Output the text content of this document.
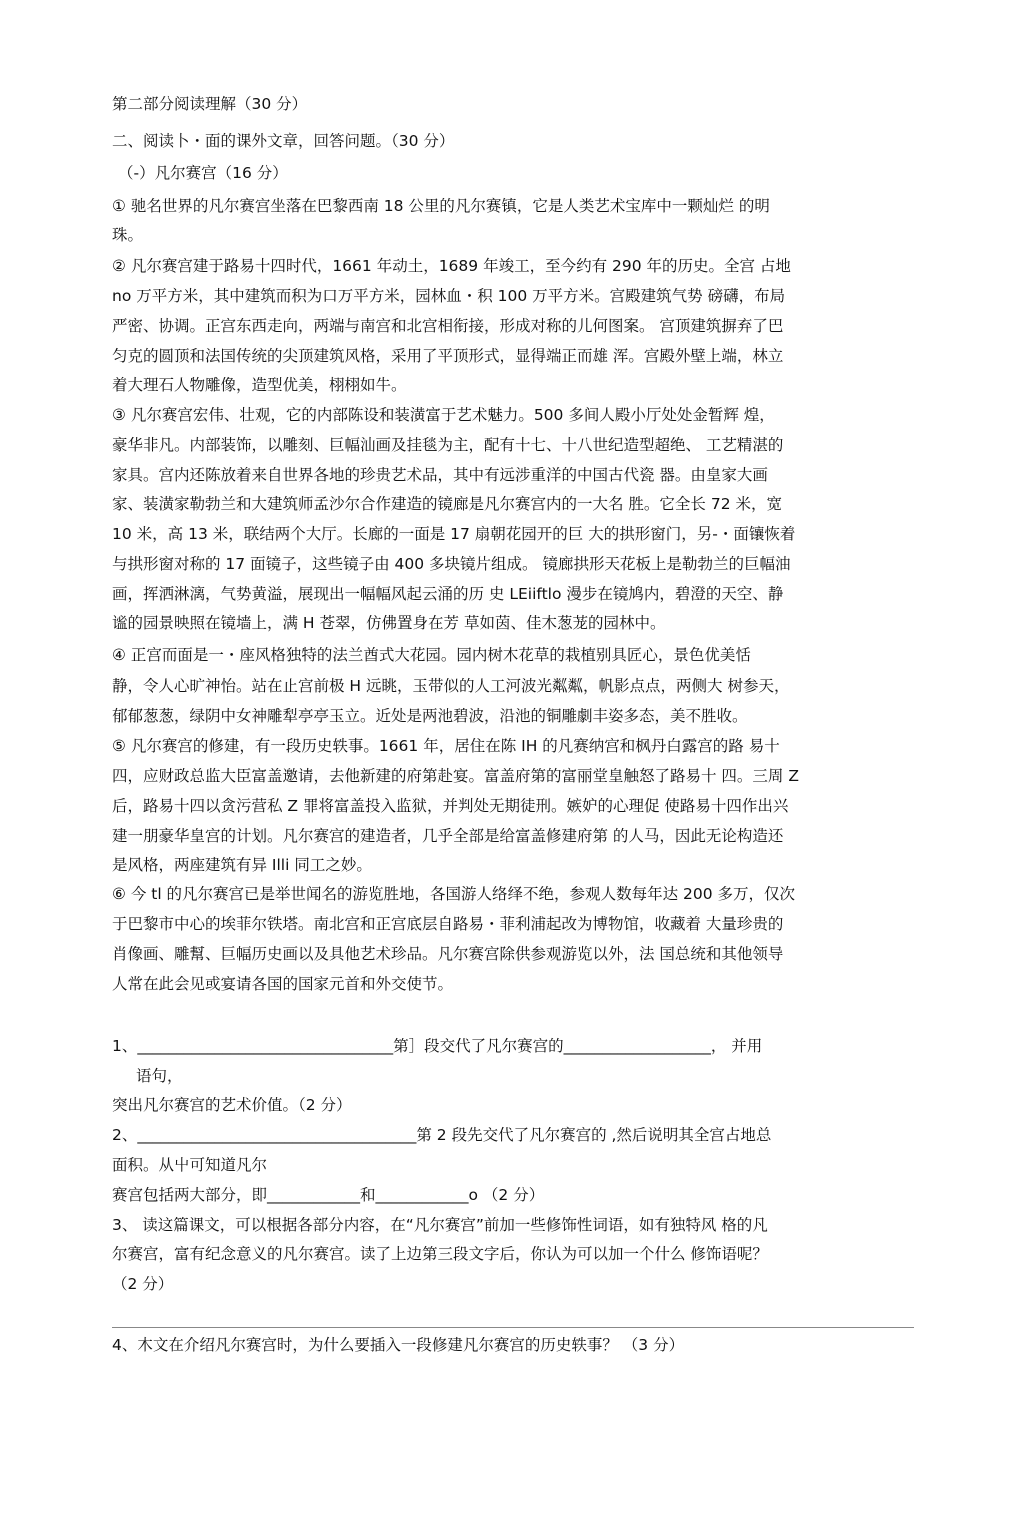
第二部分阅读理解（30 分）

二、阅读卜・面的课外文章，回答问题。（30 分）

（-）凡尔赛宫（16 分）

① 驰名世界的凡尔赛宫坐落在巴黎西南 18 公里的凡尔赛镇，它是人类艺术宝库中一颗灿烂 的明

珠。

② 凡尔赛宫建于路易十四时代，1661 年动土，1689 年竣工，至今约有 290 年的历史。全宫 占地

no 万平方米，其中建筑而积为口万平方米，园林血・积 100 万平方米。宫殿建筑气势 磅礴，布局

严密、协调。正宫东西走向，两端与南宫和北宫相衔接，形成对称的儿何图案。 宫顶建筑摒弃了巴

匀克的圆顶和法国传统的尖顶建筑风格，采用了平顶形式，显得端正而雄 浑。宫殿外壁上端，林立

着大理石人物雕像，造型优美，栩栩如牛。

③ 凡尔赛宫宏伟、壮观，它的内部陈设和装潢富于艺术魅力。500 多间人殿小厅处处金暂辉 煌，

豪华非凡。内部装饰，以雕刻、巨幅汕画及挂毯为主，配有十七、十八世纪造型超绝、 工艺精湛的

家具。宫内还陈放着来自世界各地的珍贵艺术品，其中有远涉重洋的中国古代瓷 器。由皇家大画

家、装潢家勒勃兰和大建筑师孟沙尔合作建造的镜廊是凡尔赛宫内的一大名 胜。它全长 72 米，宽

10 米，高 13 米，联结两个大厅。长廊的一面是 17 扇朝花园开的巨 大的拱形窗门，另-・面镶恢着

与拱形窗对称的 17 面镜子，这些镜子由 400 多块镜片组成。 镜廊拱形天花板上是勒勃兰的巨幅油

画，挥洒淋漓，气势黄溢，展现出一幅幅风起云涌的历 史 LEiiftlo 漫步在镜鸠内，碧澄的天空、静

谧的园景映照在镜墙上，满 H 苍翠，仿佛置身在芳 草如茵、佳木葱茏的园林中。

④ 正宫而面是一・座风格独特的法兰酋式大花园。园内树木花草的栽植别具匠心，景色优美恬

静，令人心旷神怡。站在止宫前极 H 远眺，玉带似的人工河波光粼粼，帆影点点，两侧大 树参天，

郁郁葱葱，绿阴中女神雕犁亭亭玉立。近处是两池碧波，沿池的铜雕劇丰姿多态，美不胜收。

⑤ 凡尔赛宫的修建，有一段历史轶事。1661 年，居住在陈 IH 的凡赛纳宫和枫丹白露宫的路 易十

四，应财政总监大臣富盖邀请，去他新建的府第赴宴。富盖府第的富丽堂皇触怒了路易十 四。三周 Z

后，路易十四以贪污营私 Z 罪将富盖投入监狱，并判处无期徒刑。嫉妒的心理促 使路易十四作出兴

建一朋豪华皇宫的计划。凡尔赛宫的建造者，几乎全部是给富盖修建府第 的人马，因此无论构造还

是风格，两座建筑有异 Illi 同工之妙。

⑥ 今 tl 的凡尔赛宫已是举世闻名的游览胜地，各国游人络绎不绝，参观人数每年达 200 多万，仅次

于巴黎市中心的埃菲尔铁塔。南北宫和正宫底层自路易・菲利浦起改为博物馆，收藏着 大量珍贵的

肖像画、雕幫、巨幅历史画以及具他艺术珍品。凡尔赛宫除供参观游览以外，法 国总统和其他领导

人常在此会见或宴请各国的国家元首和外交使节。

1、_________________________________第］段交代了凡尔赛宫的___________________， 并用

语句，

突出凡尔赛宫的艺术价值。（2 分）

2、____________________________________第 2 段先交代了凡尔赛宫的 ,然后说明其全宫占地总

面积。从屮可知道凡尔

赛宫包括两大部分，即____________和____________o （2 分）

3、 读这篇课文，可以根据各部分内容，在“凡尔赛宫”前加一些修饰性词语，如有独特风 格的凡

尔赛宫，富有纪念意义的凡尔赛宫。读了上边第三段文字后，你认为可以加一个什么 修饰语呢？

（2 分）

4、木文在介绍凡尔赛宫时，为什么要插入一段修建凡尔赛宫的历史轶事？ （3 分）
